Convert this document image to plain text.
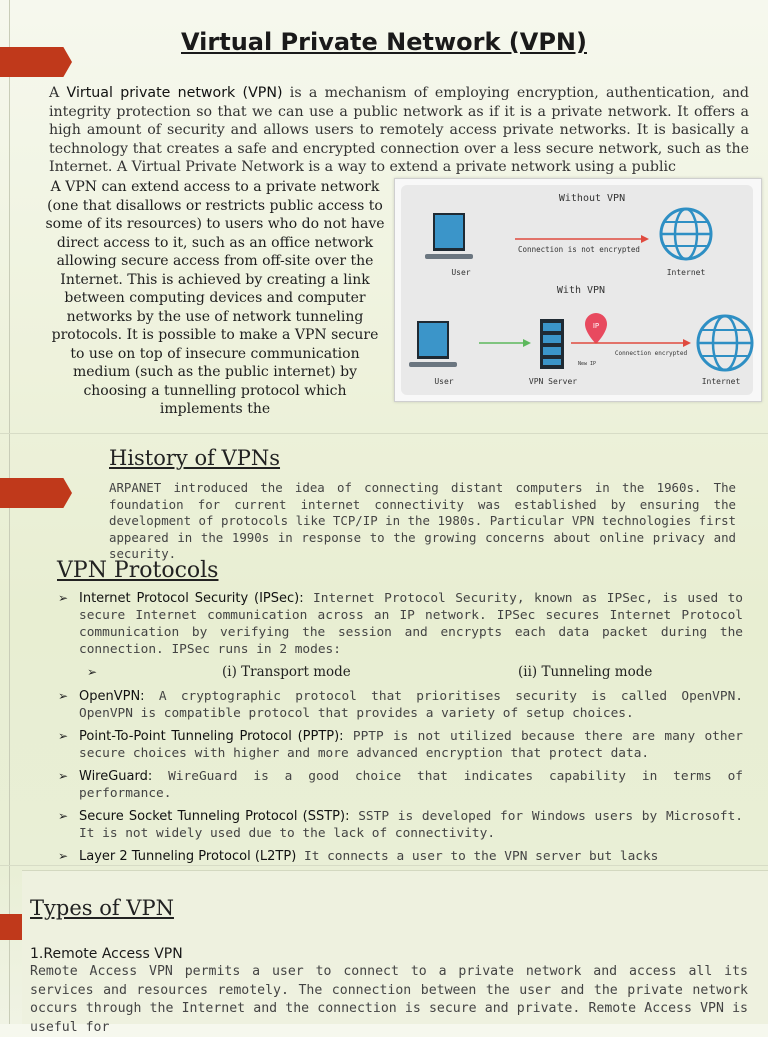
Virtual Private Network (VPN)

A Virtual private network (VPN) is a mechanism of employing encryption, authentication, and integrity protection so that we can use a public network as if it is a private network. It offers a high amount of security and allows users to remotely access private networks. It is basically a technology that creates a safe and encrypted connection over a less secure network, such as the Internet. A Virtual Private Network is a way to extend a private network using a public

A VPN can extend access to a private network (one that disallows or restricts public access to some of its resources) to users who do not have direct access to it, such as an office network allowing secure access from off-site over the Internet. This is achieved by creating a link between computing devices and computer networks by the use of network tunneling protocols. It is possible to make a VPN secure to use on top of insecure communication medium (such as the public internet) by choosing a tunnelling protocol which implements the

Without VPN
User
Connection is not encrypted
Internet
With VPN
User	VPN Server
IP
New IP
Connection encrypted
Internet
History of VPNs

ARPANET introduced the idea of connecting distant computers in the 1960s. The foundation for current internet connectivity was established by ensuring the development of protocols like TCP/IP in the 1980s. Particular VPN technologies first appeared in the 1990s in response to the growing concerns about online privacy and security.

VPN Protocols
➢ Internet Protocol Security (IPSec): Internet Protocol Security, known as IPSec, is used to secure Internet communication across an IP network. IPSec secures Internet Protocol communication by verifying the session and encrypts each data packet during the connection. IPSec runs in 2 modes:
➢	(i) Transport mode	(ii) Tunneling mode
➢ OpenVPN: A cryptographic protocol that prioritises security is called OpenVPN. OpenVPN is compatible protocol that provides a variety of setup choices.
➢ Point-To-Point Tunneling Protocol (PPTP): PPTP is not utilized because there are many other secure choices with higher and more advanced encryption that protect data.
➢ WireGuard: WireGuard is a good choice that indicates capability in terms of performance.
➢ Secure Socket Tunneling Protocol (SSTP): SSTP is developed for Windows users by Microsoft. It is not widely used due to the lack of connectivity.
➢ Layer 2 Tunneling Protocol (L2TP) It connects a user to the VPN server but lacks
Types of VPN
1.Remote Access VPN

Remote Access VPN permits a user to connect to a private network and access all its services and resources remotely. The connection between the user and the private network occurs through the Internet and the connection is secure and private. Remote Access VPN is useful for
